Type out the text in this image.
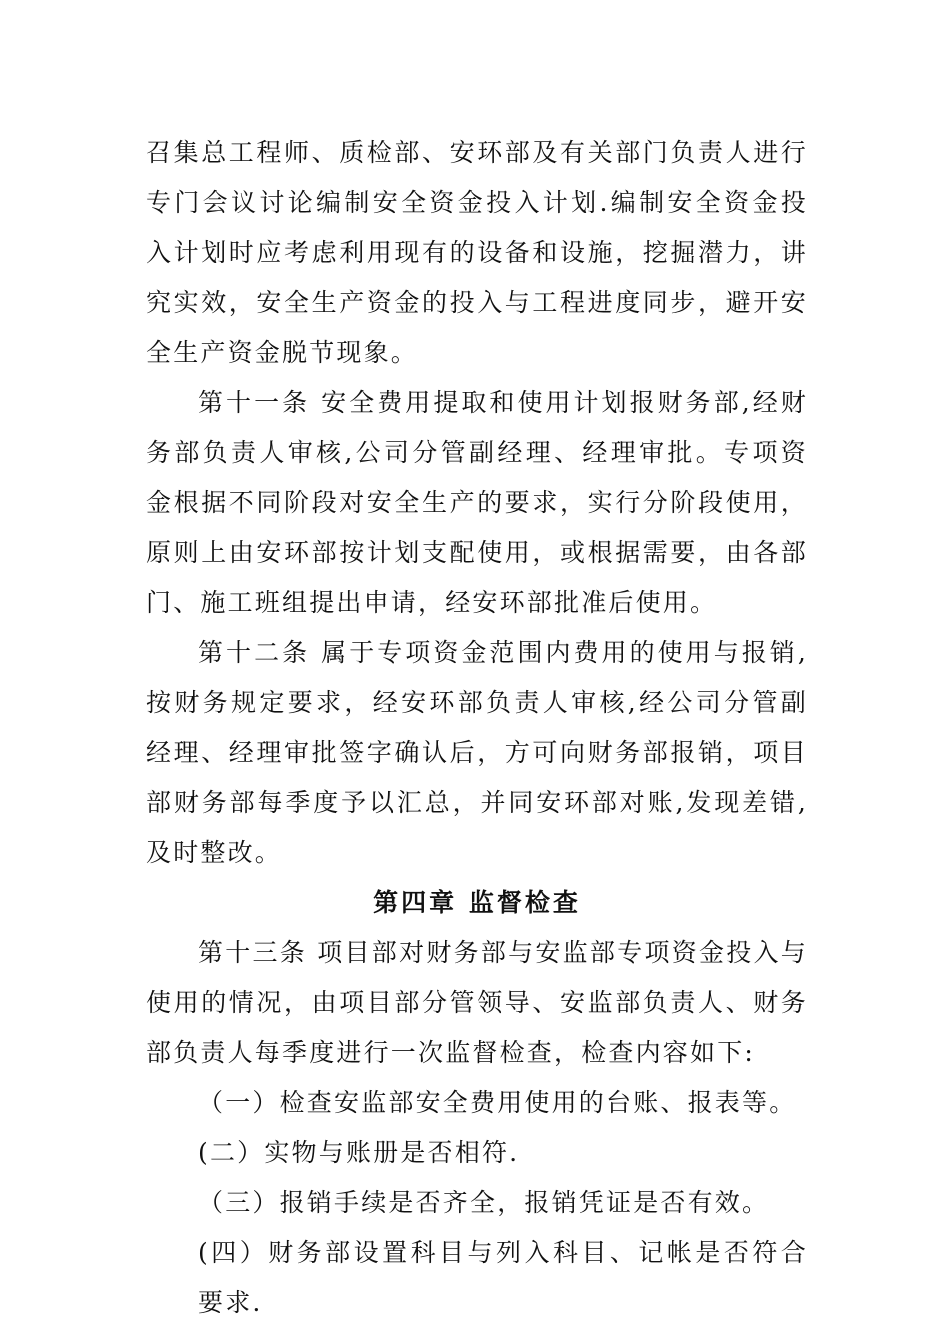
召集总工程师、质检部、安环部及有关部门负责人进行专门会议讨论编制安全资金投入计划.编制安全资金投入计划时应考虑利用现有的设备和设施，挖掘潜力，讲究实效，安全生产资金的投入与工程进度同步，避开安全生产资金脱节现象。

第十一条 安全费用提取和使用计划报财务部,经财务部负责人审核,公司分管副经理、经理审批。专项资金根据不同阶段对安全生产的要求，实行分阶段使用，原则上由安环部按计划支配使用，或根据需要，由各部门、施工班组提出申请，经安环部批准后使用。

第十二条 属于专项资金范围内费用的使用与报销,按财务规定要求，经安环部负责人审核,经公司分管副经理、经理审批签字确认后，方可向财务部报销，项目部财务部每季度予以汇总，并同安环部对账,发现差错,及时整改。

第四章 监督检查

第十三条 项目部对财务部与安监部专项资金投入与使用的情况，由项目部分管领导、安监部负责人、财务部负责人每季度进行一次监督检查，检查内容如下:

（一）检查安监部安全费用使用的台账、报表等。

(二）实物与账册是否相符.

（三）报销手续是否齐全，报销凭证是否有效。

(四）财务部设置科目与列入科目、记帐是否符合要求.
